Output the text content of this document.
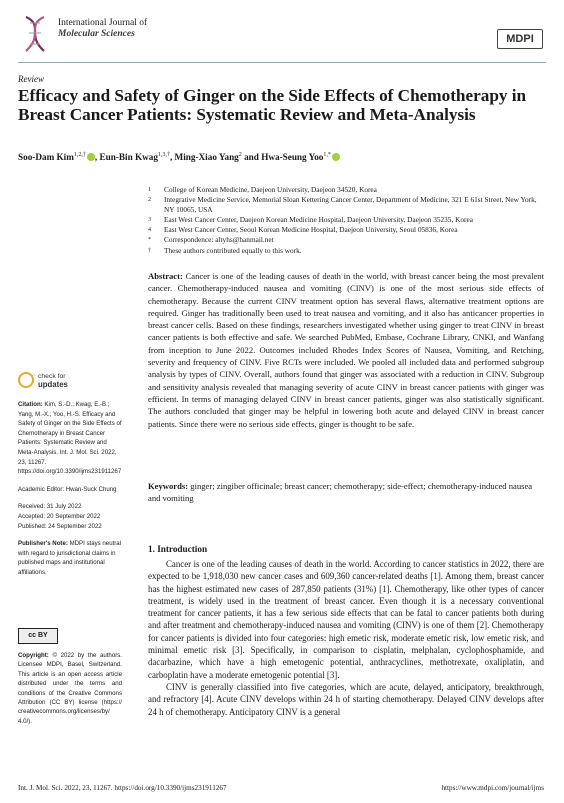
International Journal of
Molecular Sciences	MDPI
Review
Efficacy and Safety of Ginger on the Side Effects of Chemotherapy in Breast Cancer Patients: Systematic Review and Meta-Analysis
Soo-Dam Kim$^{1,2,\dagger}$ , Eun-Bin Kwag$^{1,3,\dagger}$, Ming-Xiao Yang$^2$ and Hwa-Seung Yoo$^{1,*}$
1	College of Korean Medicine, Daejeon University, Daejeon 34520, Korea
2	Integrative Medicine Service, Memorial Sloan Kettering Cancer Center, Department of Medicine, 321 E 61st Street, New York, NY 10065, USA
3	East West Cancer Center, Daejeon Korean Medicine Hospital, Daejeon University, Daejeon 35235, Korea
4	East West Cancer Center, Seoul Korean Medicine Hospital, Daejeon University, Seoul 05836, Korea
*	Correspondence: altyhs@hanmail.net
†	These authors contributed equally to this work.
Abstract: Cancer is one of the leading causes of death in the world, with breast cancer being the most prevalent cancer. Chemotherapy-induced nausea and vomiting (CINV) is one of the most serious side effects of chemotherapy. Because the current CINV treatment option has several flaws, alternative treatment options are required. Ginger has traditionally been used to treat nausea and vomiting, and it also has anticancer properties in breast cancer cells. Based on these findings, researchers investigated whether using ginger to treat CINV in breast cancer patients is both effective and safe. We searched PubMed, Embase, Cochrane Library, CNKI, and Wanfang from inception to June 2022. Outcomes included Rhodes Index Scores of Nausea, Vomiting, and Retching, severity and frequency of CINV. Five RCTs were included. We pooled all included data and performed subgroup analysis by types of CINV. Overall, authors found that ginger was associated with a reduction in CINV. Subgroup and sensitivity analysis revealed that managing severity of acute CINV in breast cancer patients with ginger was efficient. In terms of managing delayed CINV in breast cancer patients, ginger was also statistically significant. The authors concluded that ginger may be helpful in lowering both acute and delayed CINV in breast cancer patients. Since there were no serious side effects, ginger is thought to be safe.
Keywords: ginger; zingiber officinale; breast cancer; chemotherapy; side-effect; chemotherapy-induced nausea and vomiting
check for
updates

Citation: Kim, S.-D.; Kwag, E.-B.; Yang, M.-X.; Yoo, H.-S. Efficacy and Safety of Ginger on the Side Effects of Chemotherapy in Breast Cancer Patients: Systematic Review and Meta-Analysis. Int. J. Mol. Sci. 2022, 23, 11267. https://doi.org/10.3390/ijms231911267

Academic Editor: Hwan-Suck Chung

Received: 31 July 2022
Accepted: 20 September 2022
Published: 24 September 2022

Publisher's Note: MDPI stays neutral with regard to jurisdictional claims in published maps and institutional affiliations.

cc BY
Copyright: © 2022 by the authors. Licensee MDPI, Basel, Switzerland. This article is an open access article distributed under the terms and conditions of the Creative Commons Attribution (CC BY) license (https:// creativecommons.org/licenses/by/ 4.0/).
1. Introduction

Cancer is one of the leading causes of death in the world. According to cancer statistics in 2022, there are expected to be 1,918,030 new cancer cases and 609,360 cancer-related deaths [1]. Among them, breast cancer has the highest estimated new cases of 287,850 patients (31%) [1]. Chemotherapy, like other types of cancer treatment, is widely used in the treatment of breast cancer. Even though it is a necessary conventional treatment for cancer patients, it has a few serious side effects that can be fatal to cancer patients both during and after treatment and chemotherapy-induced nausea and vomiting (CINV) is one of them [2]. Chemotherapy for cancer patients is divided into four categories: high emetic risk, moderate emetic risk, low emetic risk, and minimal emetic risk [3]. Specifically, in comparison to cisplatin, melphalan, cyclophosphamide, and dacarbazine, which have a high emetogenic potential, anthracyclines, methotrexate, oxaliplatin, and carboplatin have a moderate emetogenic potential [3].

CINV is generally classified into five categories, which are acute, delayed, anticipatory, breakthrough, and refractory [4]. Acute CINV develops within 24 h of starting chemotherapy. Delayed CINV develops after 24 h of chemotherapy. Anticipatory CINV is a general

Int. J. Mol. Sci. 2022, 23, 11267. https://doi.org/10.3390/ijms231911267	https://www.mdpi.com/journal/ijms
